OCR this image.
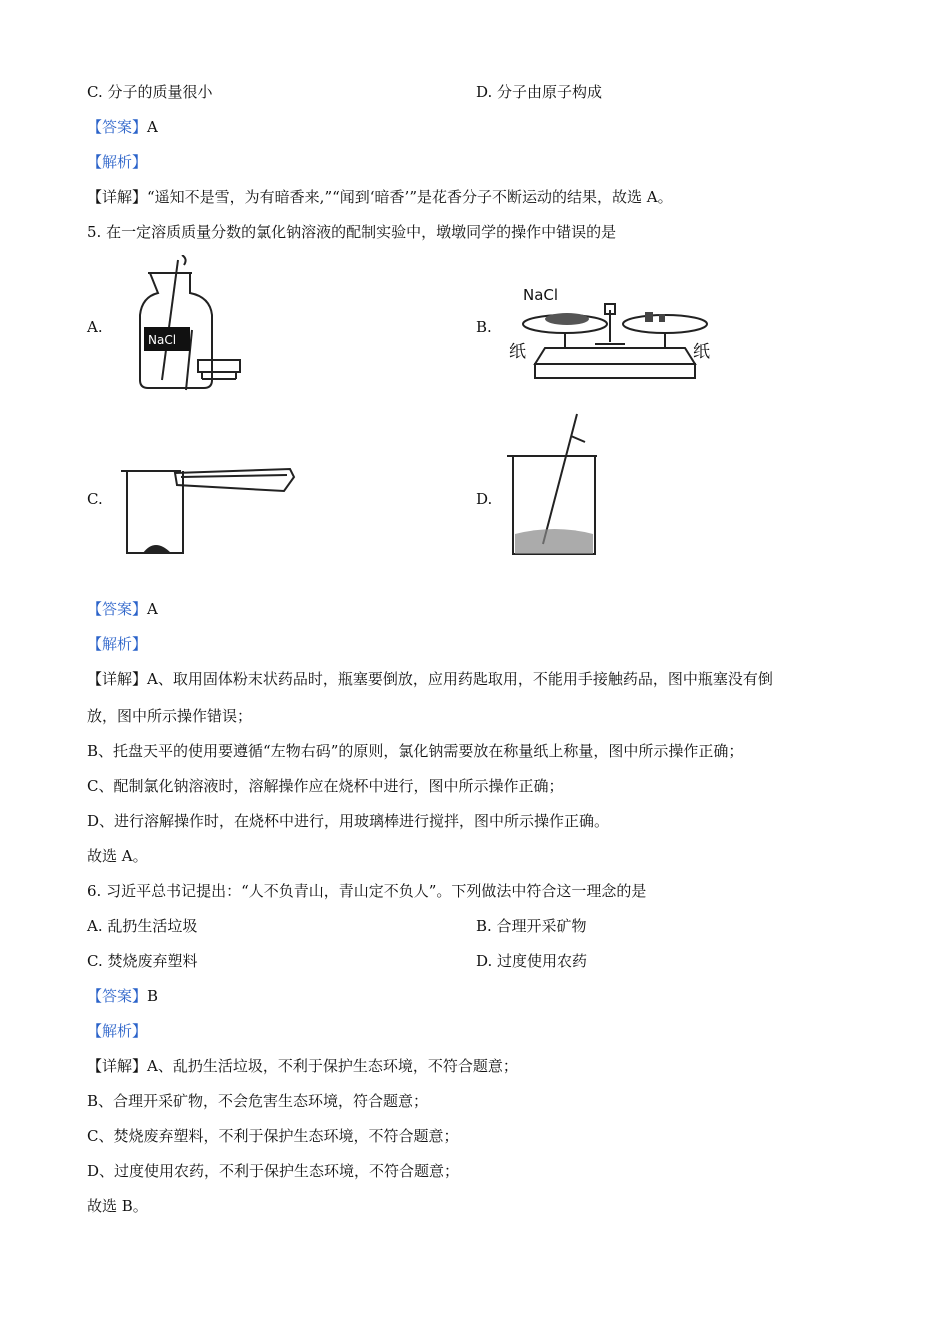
C. 分子的质量很小	D. 分子由原子构成
【答案】A
【解析】
【详解】“遥知不是雪，为有暗香来,”“闻到‘暗香’”是花香分子不断运动的结果，故选 A。
5. 在一定溶质质量分数的氯化钠溶液的配制实验中，墩墩同学的操作中错误的是
A.	B.
C.	D.
NaCl
NaCl
纸	纸
【答案】A
【解析】
【详解】A、取用固体粉末状药品时，瓶塞要倒放，应用药匙取用，不能用手接触药品，图中瓶塞没有倒
放，图中所示操作错误；
B、托盘天平的使用要遵循“左物右码”的原则，氯化钠需要放在称量纸上称量，图中所示操作正确；
C、配制氯化钠溶液时，溶解操作应在烧杯中进行，图中所示操作正确；
D、进行溶解操作时，在烧杯中进行，用玻璃棒进行搅拌，图中所示操作正确。
故选 A。
6. 习近平总书记提出：“人不负青山，青山定不负人”。下列做法中符合这一理念的是
A. 乱扔生活垃圾	B. 合理开采矿物
C. 焚烧废弃塑料	D. 过度使用农药
【答案】B
【解析】
【详解】A、乱扔生活垃圾，不利于保护生态环境，不符合题意；
B、合理开采矿物，不会危害生态环境，符合题意；
C、焚烧废弃塑料，不利于保护生态环境，不符合题意；
D、过度使用农药，不利于保护生态环境，不符合题意；
故选 B。
